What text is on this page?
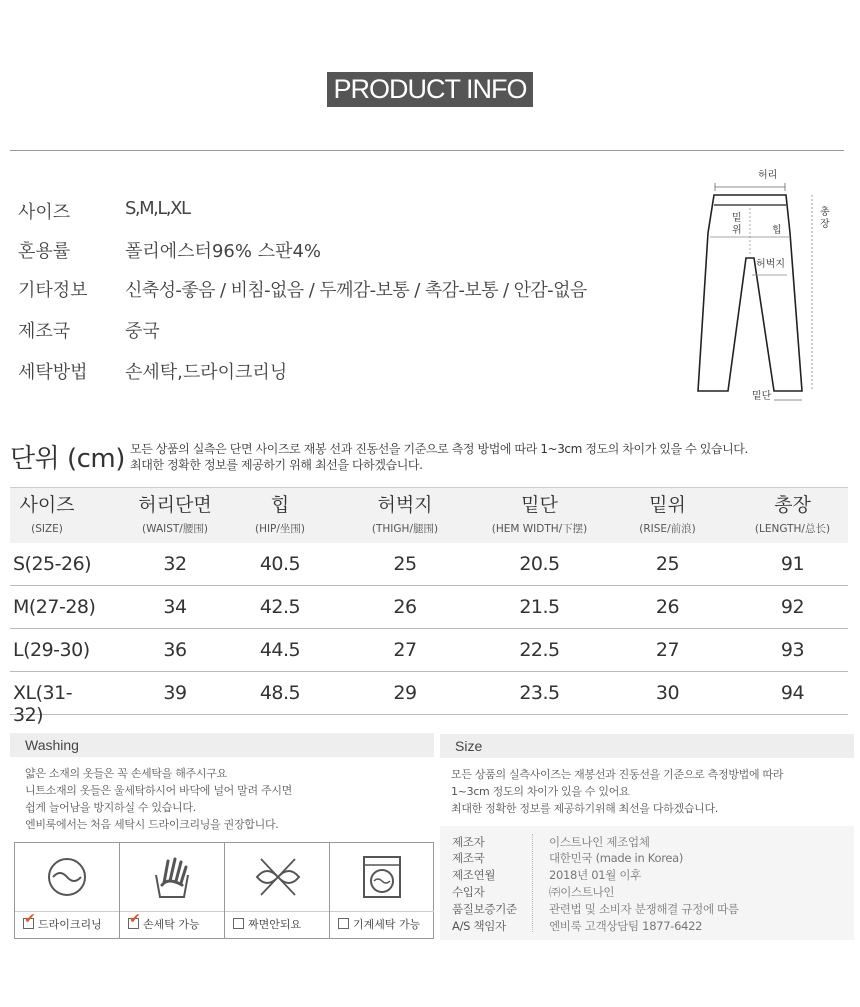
PRODUCT INFO
사이즈	S,M,L,XL
혼용률	폴리에스터96% 스판4%
기타정보	신축성-좋음 / 비침-없음 / 두께감-보통 / 촉감-보통 / 안감-없음
제조국	중국
세탁방법	손세탁,드라이크리닝
허리
밑
위	힙
허벅지
총
장
밑단
단위 (cm) 모든 상품의 실측은 단면 사이즈로 재봉 선과 진동선을 기준으로 측정 방법에 따라 1~3cm 정도의 차이가 있을 수 있습니다.
최대한 정확한 정보를 제공하기 위해 최선을 다하겠습니다.
사이즈
(SIZE)
허리단면
(WAIST/腰围)
힙
(HIP/坐围)
허벅지
(THIGH/腿围)
밑단
(HEM WIDTH/下摆)
밑위
(RISE/前浪)
총장
(LENGTH/总长)
S(25-26)	32	40.5	25	20.5	25	91
M(27-28)	34	42.5	26	21.5	26	92
L(29-30)	36	44.5	27	22.5	27	93
XL(31-32)
39	48.5	29	23.5	30	94
Washing
얇은 소재의 옷들은 꼭 손세탁을 해주시구요
니트소재의 옷들은 울세탁하시어 바닥에 널어 말려 주시면
쉽게 늘어남을 방지하실 수 있습니다.
엔비룩에서는 처음 세탁시 드라이크리닝을 권장합니다.
✔드라이크리닝
✔	손세탁 가능	짜면안되요	기계세탁 가능
Size
모든 상품의 실측사이즈는 재봉선과 진동선을 기준으로 측정방법에 따라
1~3cm 정도의 차이가 있을 수 있어요
최대한 정확한 정보를 제공하기위해 최선을 다하겠습니다.
제조자	이스트나인 제조업체
제조국	대한민국 (made in Korea)
제조연월	2018년 01월 이후
수입자	㈜이스트나인
품질보증기준	관련법 및 소비자 분쟁해결 규정에 따름
A/S 책임자	엔비룩 고객상담팀 1877-6422
